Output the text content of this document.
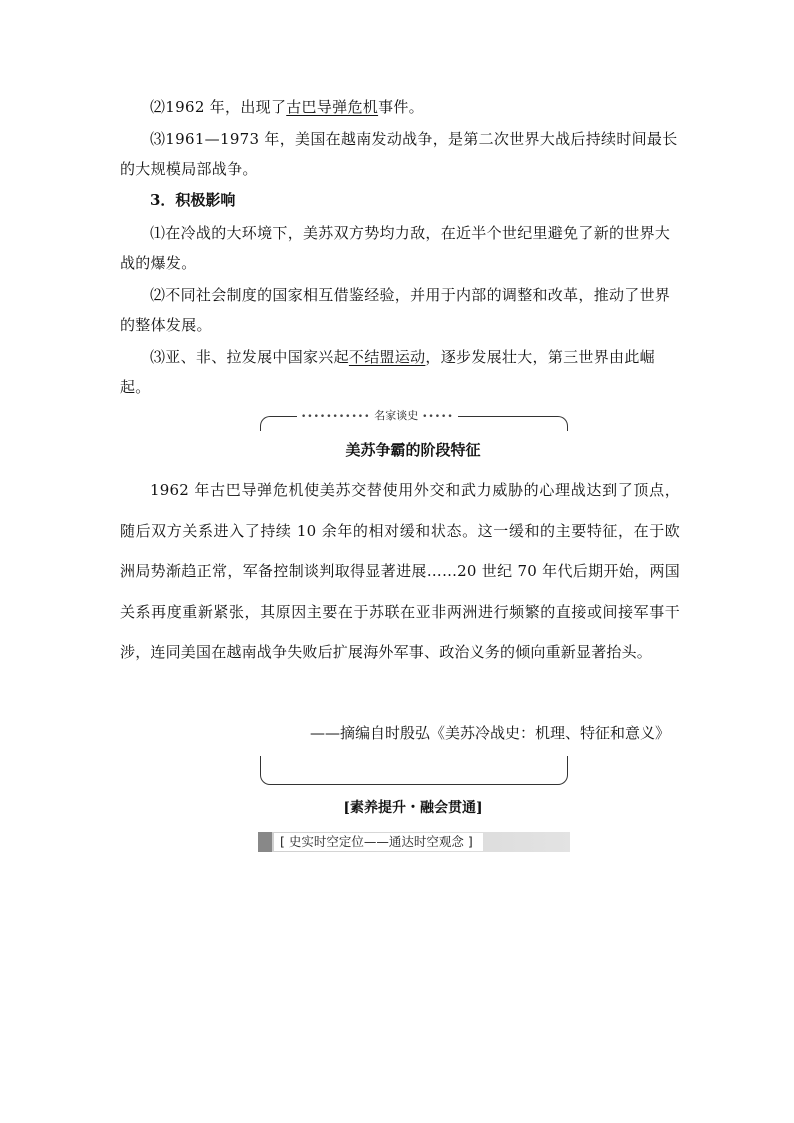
⑵1962 年，出现了古巴导弹危机事件。

⑶1961—1973 年，美国在越南发动战争，是第二次世界大战后持续时间最长的大规模局部战争。

3．积极影响

⑴在冷战的大环境下，美苏双方势均力敌，在近半个世纪里避免了新的世界大战的爆发。

⑵不同社会制度的国家相互借鉴经验，并用于内部的调整和改革，推动了世界的整体发展。

⑶亚、非、拉发展中国家兴起不结盟运动，逐步发展壮大，第三世界由此崛起。

••••••••••• 名家谈史 •••••

美苏争霸的阶段特征

1962 年古巴导弹危机使美苏交替使用外交和武力威胁的心理战达到了顶点，随后双方关系进入了持续 10 余年的相对缓和状态。这一缓和的主要特征，在于欧洲局势渐趋正常，军备控制谈判取得显著进展……20 世纪 70 年代后期开始，两国关系再度重新紧张，其原因主要在于苏联在亚非两洲进行频繁的直接或间接军事干涉，连同美国在越南战争失败后扩展海外军事、政治义务的倾向重新显著抬头。

——摘编自时殷弘《美苏冷战史：机理、特征和意义》

[素养提升・融会贯通]

[ 史实时空定位——通达时空观念 ]
